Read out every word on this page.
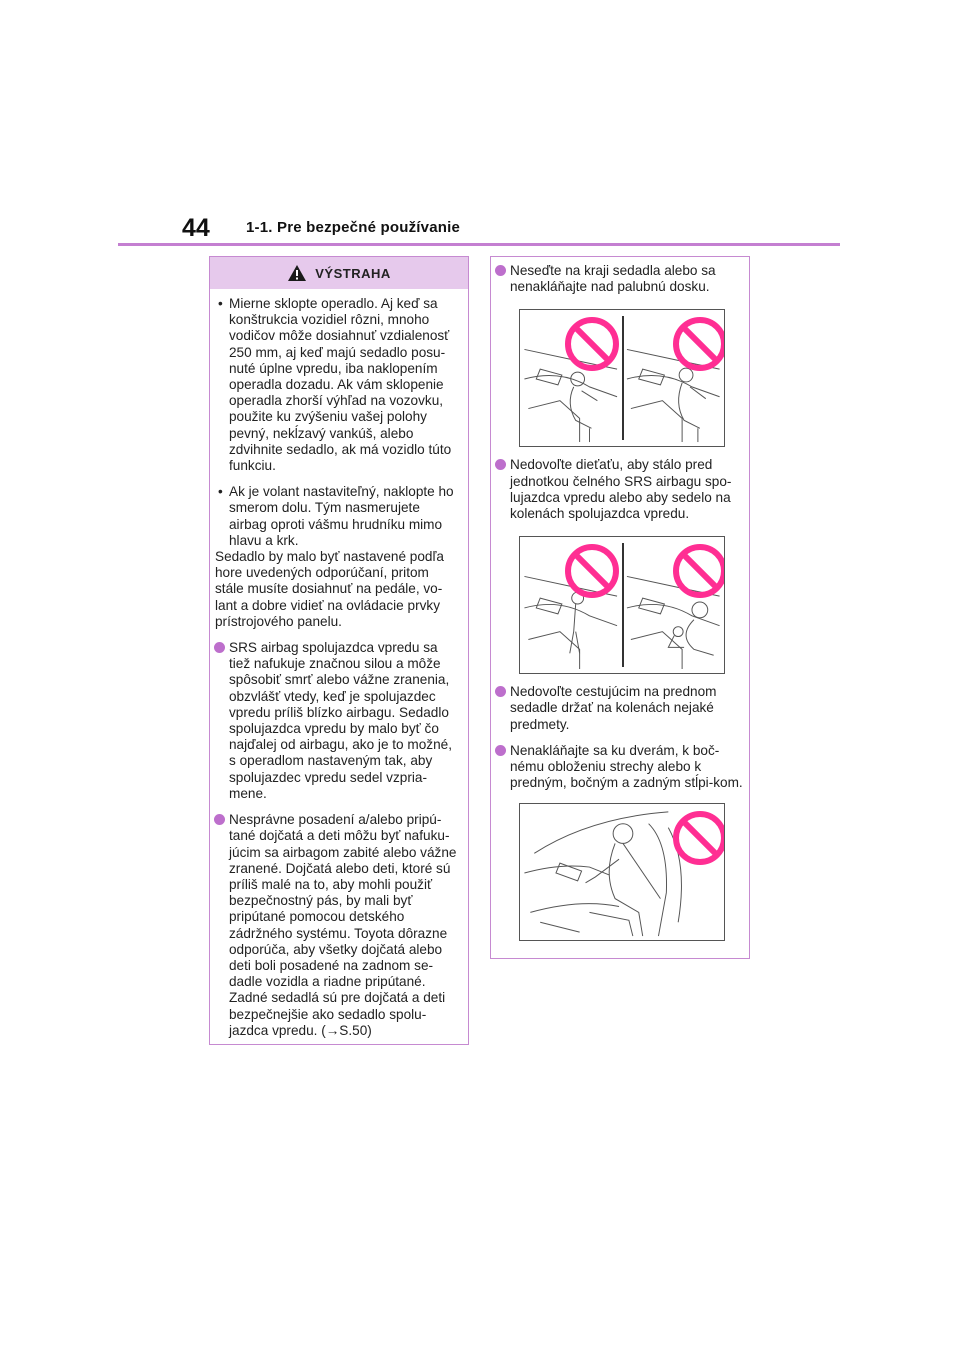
44 1-1. Pre bezpečné používanie
VÝSTRAHA

• Mierne sklopte operadlo. Aj keď sa konštrukcia vozidiel rôzni, mnoho vodičov môže dosiahnuť vzdialenosť 250 mm, aj keď majú sedadlo posu-nuté úplne vpredu, iba naklopením operadla dozadu. Ak vám sklopenie operadla zhorší výhľad na vozovku, použite ku zvýšeniu vašej polohy pevný, nekĺzavý vankúš, alebo zdvihnite sedadlo, ak má vozidlo túto funkciu.

• Ak je volant nastaviteľný, naklopte ho smerom dolu. Tým nasmerujete airbag oproti vášmu hrudníku mimo hlavu a krk.

Sedadlo by malo byť nastavené podľa hore uvedených odporúčaní, pritom stále musíte dosiahnuť na pedále, vo-lant a dobre vidieť na ovládacie prvky prístrojového panelu.

SRS airbag spolujazdca vpredu sa tiež nafukuje značnou silou a môže spôsobiť smrť alebo vážne zranenia, obzvlášť vtedy, keď je spolujazdec vpredu príliš blízko airbagu. Sedadlo spolujazdca vpredu by malo byť čo najďalej od airbagu, ako je to možné, s operadlom nastaveným tak, aby spolujazdec vpredu sedel vzpria-mene.

Nesprávne posadení a/alebo pripú-tané dojčatá a deti môžu byť nafuku-júcim sa airbagom zabité alebo vážne zranené. Dojčatá alebo deti, ktoré sú príliš malé na to, aby mohli použiť bezpečnostný pás, by mali byť pripútané pomocou detského zádržného systému. Toyota dôrazne odporúča, aby všetky dojčatá alebo deti boli posadené na zadnom se-dadle vozidla a riadne pripútané. Zadné sedadlá sú pre dojčatá a deti bezpečnejšie ako sedadlo spolu-jazdca vpredu. (→S.50)

Neseďte na kraji sedadla alebo sa nenakláňajte nad palubnú dosku.

Nedovoľte dieťaťu, aby stálo pred jednotkou čelného SRS airbagu spo-lujazdca vpredu alebo aby sedelo na kolenách spolujazdca vpredu.

Nedovoľte cestujúcim na prednom sedadle držať na kolenách nejaké predmety.

Nenakláňajte sa ku dverám, k boč-nému obloženiu strechy alebo k predným, bočným a zadným stĺpi-kom.
